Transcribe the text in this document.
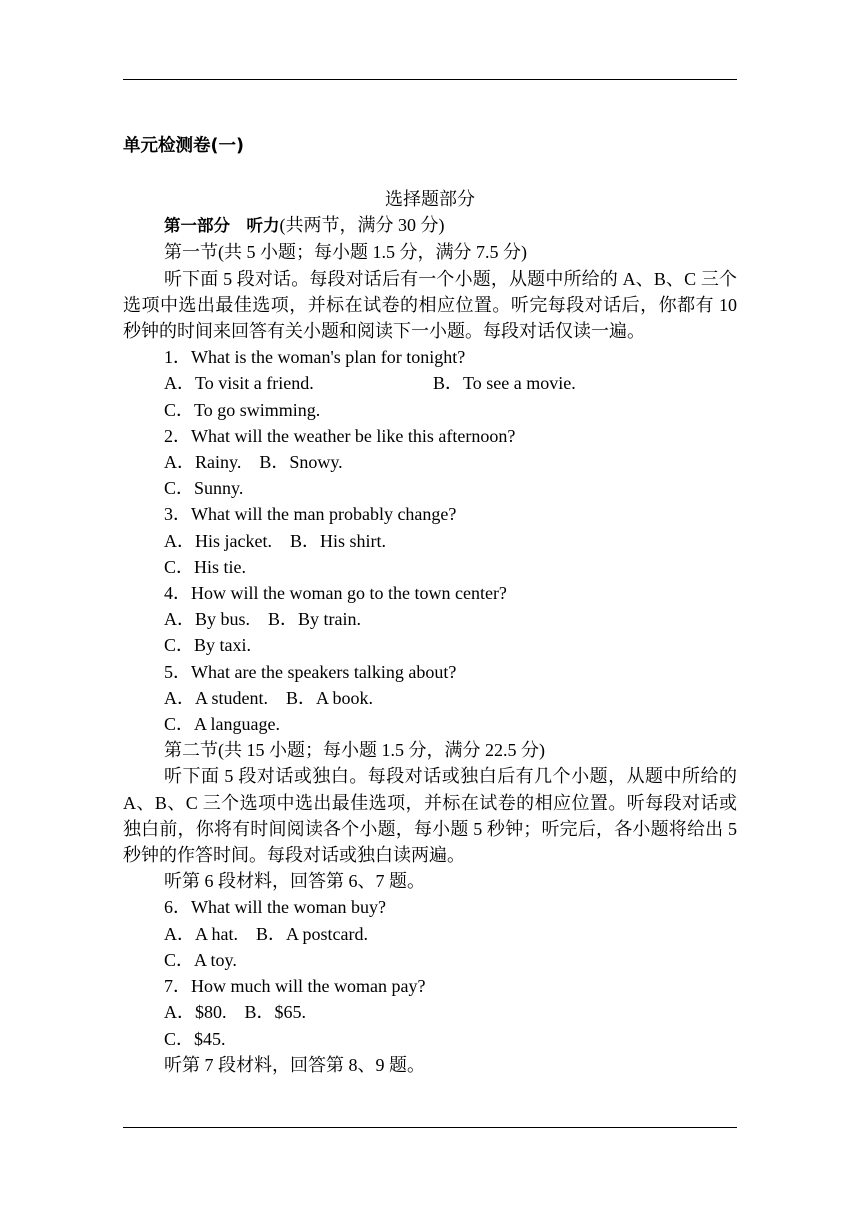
单元检测卷(一)
选择题部分
第一部分　听力(共两节，满分 30 分)
第一节(共 5 小题；每小题 1.5 分，满分 7.5 分)
听下面 5 段对话。每段对话后有一个小题，从题中所给的 A、B、C 三个选项中选出最佳选项，并标在试卷的相应位置。听完每段对话后，你都有 10 秒钟的时间来回答有关小题和阅读下一小题。每段对话仅读一遍。
1．What is the woman's plan for tonight?
A．To visit a friend.	B．To see a movie.
C．To go swimming.
2．What will the weather be like this afternoon?
A．Rainy.　B．Snowy.
C．Sunny.
3．What will the man probably change?
A．His jacket.　B．His shirt.
C．His tie.
4．How will the woman go to the town center?
A．By bus.　B．By train.
C．By taxi.
5．What are the speakers talking about?
A．A student.　B．A book.
C．A language.
第二节(共 15 小题；每小题 1.5 分，满分 22.5 分)
听下面 5 段对话或独白。每段对话或独白后有几个小题，从题中所给的 A、B、C 三个选项中选出最佳选项，并标在试卷的相应位置。听每段对话或独白前，你将有时间阅读各个小题，每小题 5 秒钟；听完后，各小题将给出 5 秒钟的作答时间。每段对话或独白读两遍。
听第 6 段材料，回答第 6、7 题。
6．What will the woman buy?
A．A hat.　B．A postcard.
C．A toy.
7．How much will the woman pay?
A．$80.　B．$65.
C．$45.
听第 7 段材料，回答第 8、9 题。
